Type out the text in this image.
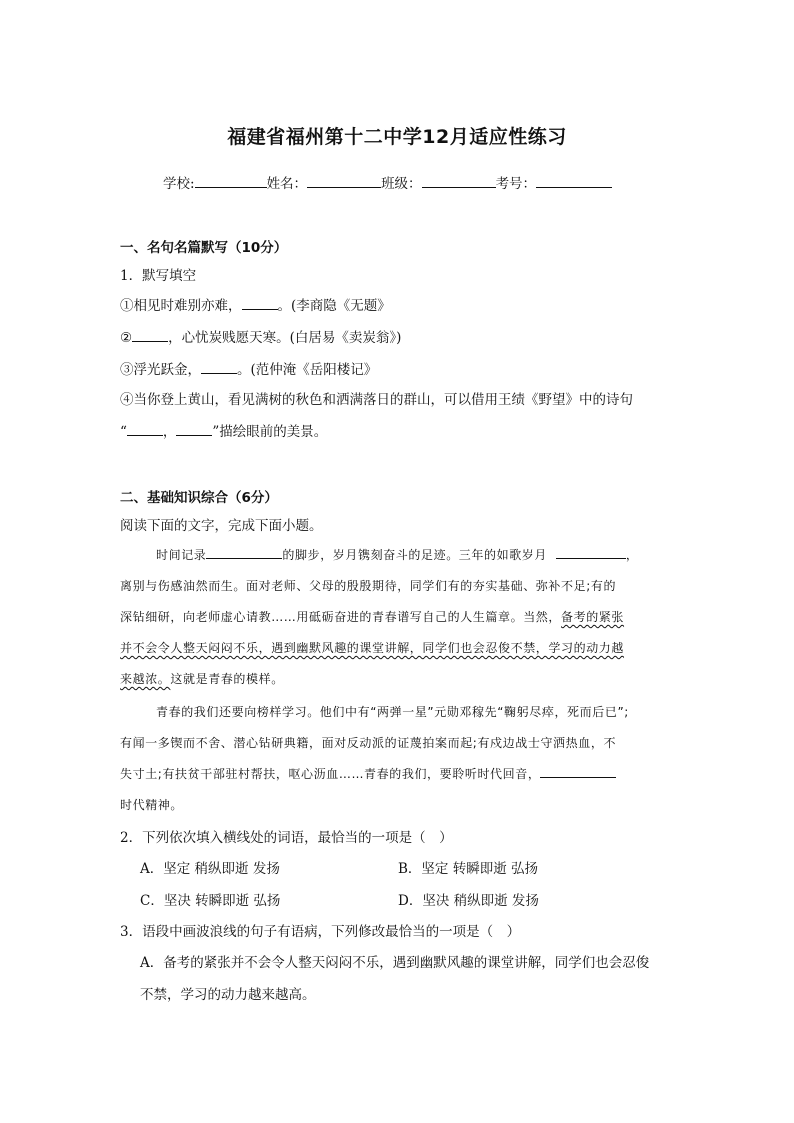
福建省福州第十二中学12月适应性练习
学校:	姓名：	班级：	考号：
一、名句名篇默写（10分）
1．默写填空
①相见时难别亦难，	。(李商隐《无题》
②	，心忧炭贱愿天寒。(白居易《卖炭翁》)
③浮光跃金，	。(范仲淹《岳阳楼记》
④当你登上黄山，看见满树的秋色和洒满落日的群山，可以借用王绩《野望》中的诗句
“	，	”描绘眼前的美景。
二、基础知识综合（6分）
阅读下面的文字，完成下面小题。
时间记录	的脚步，岁月镌刻奋斗的足迹。三年的如歌岁月	，
离别与伤感油然而生。面对老师、父母的殷殷期待，同学们有的夯实基础、弥补不足;有的
深钻细研，向老师虚心请教……用砥砺奋进的青春谱写自己的人生篇章。当然，备考的紧张
并不会令人整天闷闷不乐，遇到幽默风趣的课堂讲解，同学们也会忍俊不禁，学习的动力越
来越浓。这就是青春的模样。
青春的我们还要向榜样学习。他们中有“两弹一星”元勋邓稼先“鞠躬尽瘁，死而后已”;
有闻一多锲而不舍、潜心钻研典籍，面对反动派的证蔑拍案而起;有戍边战士守洒热血，不
失寸土;有扶贫干部驻村帮扶，呕心沥血……青春的我们，要聆听时代回音，
时代精神。
2．下列依次填入横线处的词语，最恰当的一项是（　）
A．坚定 稍纵即逝 发扬	B．坚定 转瞬即逝 弘扬
C．坚决 转瞬即逝 弘扬	D．坚决 稍纵即逝 发扬
3．语段中画波浪线的句子有语病，下列修改最恰当的一项是（　）
A．备考的紧张并不会令人整天闷闷不乐，遇到幽默风趣的课堂讲解，同学们也会忍俊
不禁，学习的动力越来越高。
